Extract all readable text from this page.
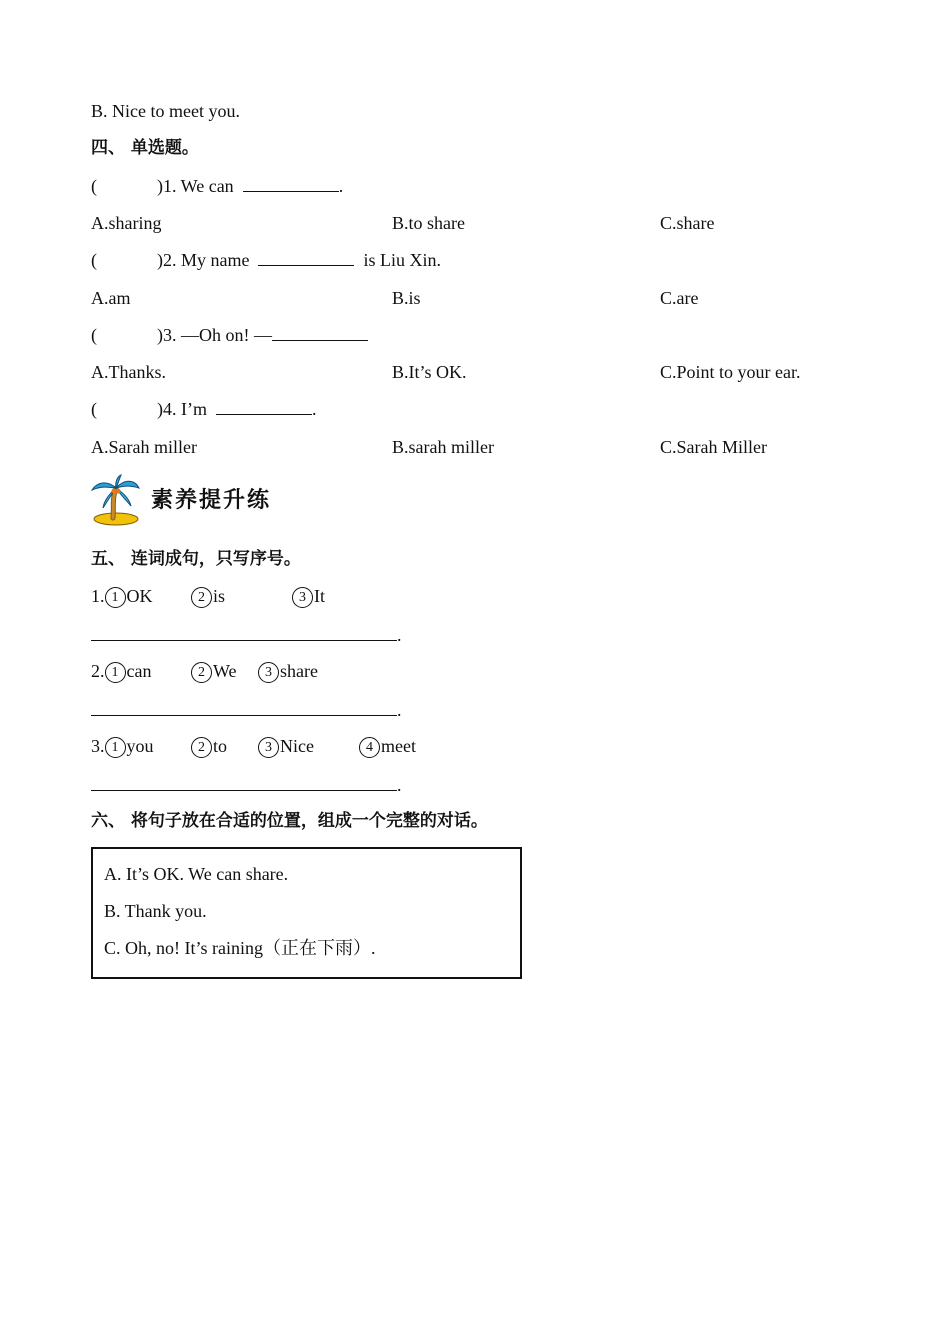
B. Nice to meet you.
四、 单选题。
(	)1. We can	.
A.sharing	B.to share	C.share
(	)2. My name	is Liu Xin.
A.am	B.is	C.are
(	)3. —Oh on! —
A.Thanks.	B.It’s OK.	C.Point to your ear.
(	)4. I’m	.
A.Sarah miller	B.sarah miller	C.Sarah Miller
素养提升练
五、 连词成句，只写序号。
1. 1 OK	2 is	3 It
.
2. 1 can	2 We	3 share
.
3. 1 you	2 to	3 Nice	4 meet
.
六、 将句子放在合适的位置，组成一个完整的对话。
A. It’s OK. We can share.
B. Thank you.
C. Oh, no! It’s raining（正在下雨）.
